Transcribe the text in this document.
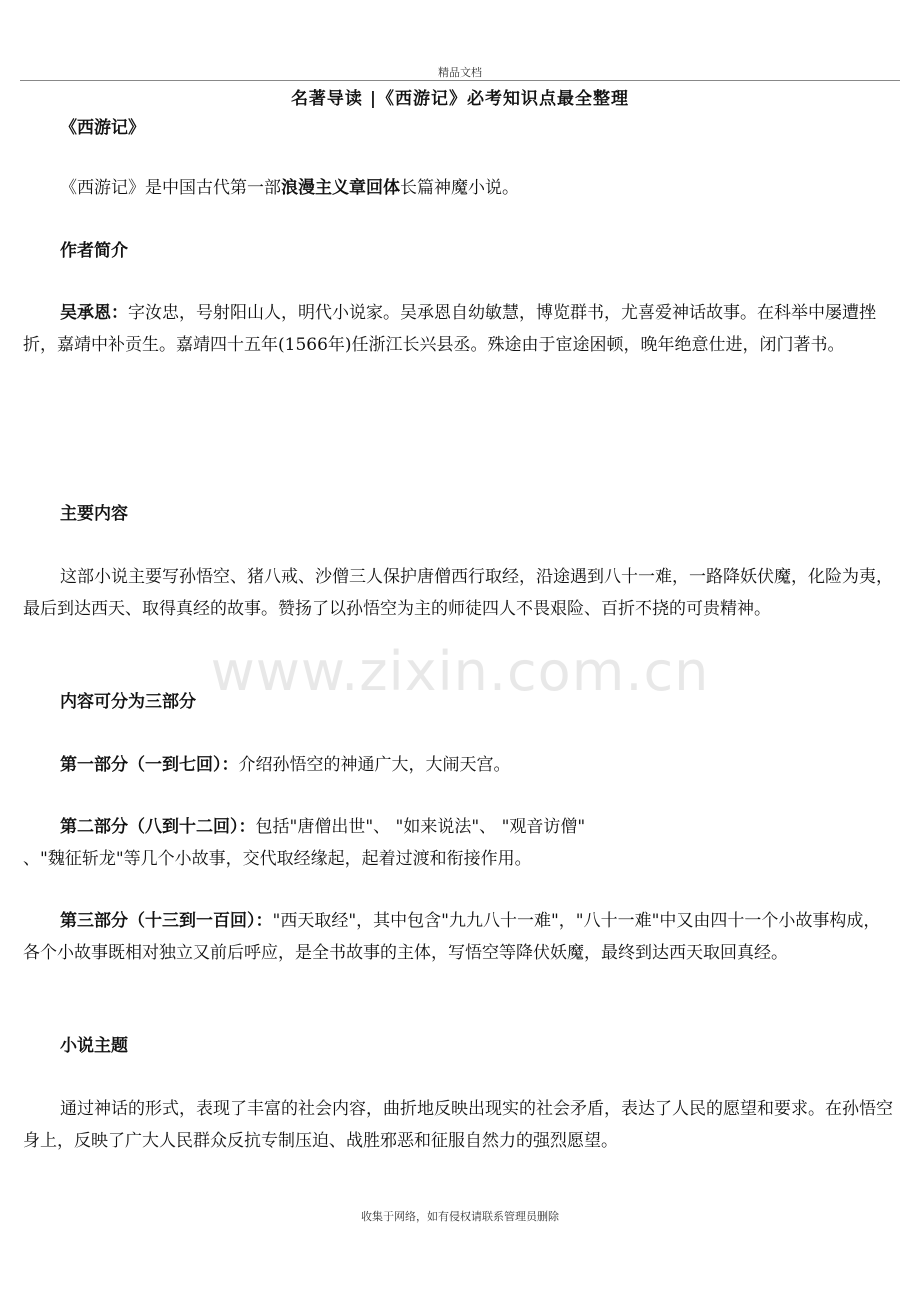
精品文档
名著导读 |《西游记》必考知识点最全整理
《西游记》
《西游记》是中国古代第一部浪漫主义章回体长篇神魔小说。
作者简介
吴承恩：字汝忠，号射阳山人，明代小说家。吴承恩自幼敏慧，博览群书，尤喜爱神话故事。在科举中屡遭挫折，嘉靖中补贡生。嘉靖四十五年(1566年)任浙江长兴县丞。殊途由于宦途困顿，晚年绝意仕进，闭门著书。
主要内容
这部小说主要写孙悟空、猪八戒、沙僧三人保护唐僧西行取经，沿途遇到八十一难，一路降妖伏魔，化险为夷，最后到达西天、取得真经的故事。赞扬了以孙悟空为主的师徒四人不畏艰险、百折不挠的可贵精神。
内容可分为三部分
第一部分（一到七回）：介绍孙悟空的神通广大，大闹天宫。
第二部分（八到十二回）：包括"唐僧出世"、 "如来说法"、 "观音访僧"
、"魏征斩龙"等几个小故事，交代取经缘起，起着过渡和衔接作用。
第三部分（十三到一百回）："西天取经"，其中包含"九九八十一难"，"八十一难"中又由四十一个小故事构成，各个小故事既相对独立又前后呼应，是全书故事的主体，写悟空等降伏妖魔，最终到达西天取回真经。
小说主题
通过神话的形式，表现了丰富的社会内容，曲折地反映出现实的社会矛盾，表达了人民的愿望和要求。在孙悟空身上，反映了广大人民群众反抗专制压迫、战胜邪恶和征服自然力的强烈愿望。
www.zixin.com.cn
收集于网络，如有侵权请联系管理员删除
